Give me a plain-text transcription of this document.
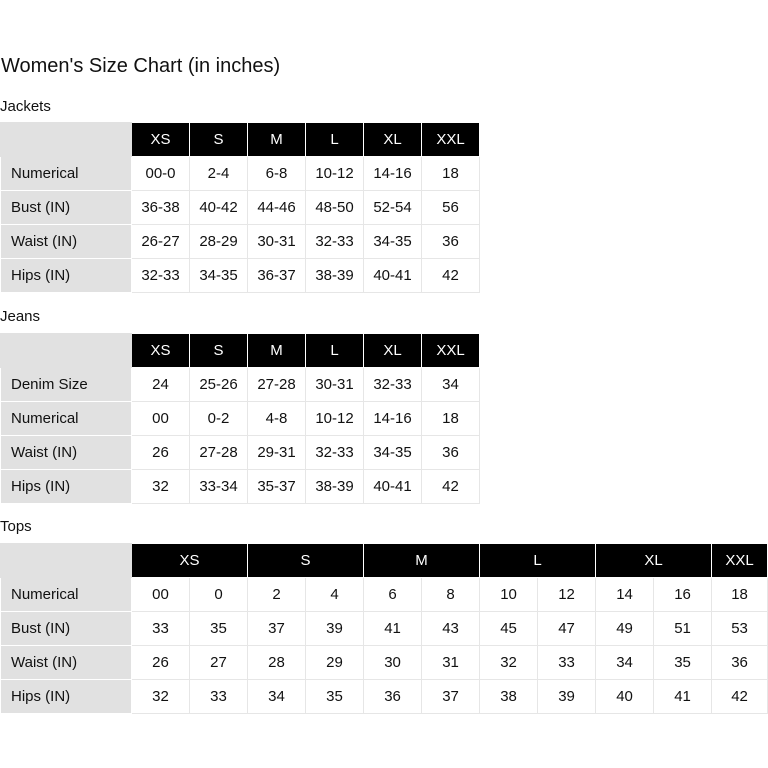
Women's Size Chart (in inches)
Jackets
	XS	S	M	L	XL	XXL
Numerical	00-0	2-4	6-8	10-12	14-16	18
Bust (IN)	36-38	40-42	44-46	48-50	52-54	56
Waist (IN)	26-27	28-29	30-31	32-33	34-35	36
Hips (IN)	32-33	34-35	36-37	38-39	40-41	42
Jeans
	XS	S	M	L	XL	XXL
Denim Size	24	25-26	27-28	30-31	32-33	34
Numerical	00	0-2	4-8	10-12	14-16	18
Waist (IN)	26	27-28	29-31	32-33	34-35	36
Hips (IN)	32	33-34	35-37	38-39	40-41	42
Tops
	XS		S		M		L		XL		XXL
Numerical	00	0	2	4	6	8	10	12	14	16	18
Bust (IN)	33	35	37	39	41	43	45	47	49	51	53
Waist (IN)	26	27	28	29	30	31	32	33	34	35	36
Hips (IN)	32	33	34	35	36	37	38	39	40	41	42
